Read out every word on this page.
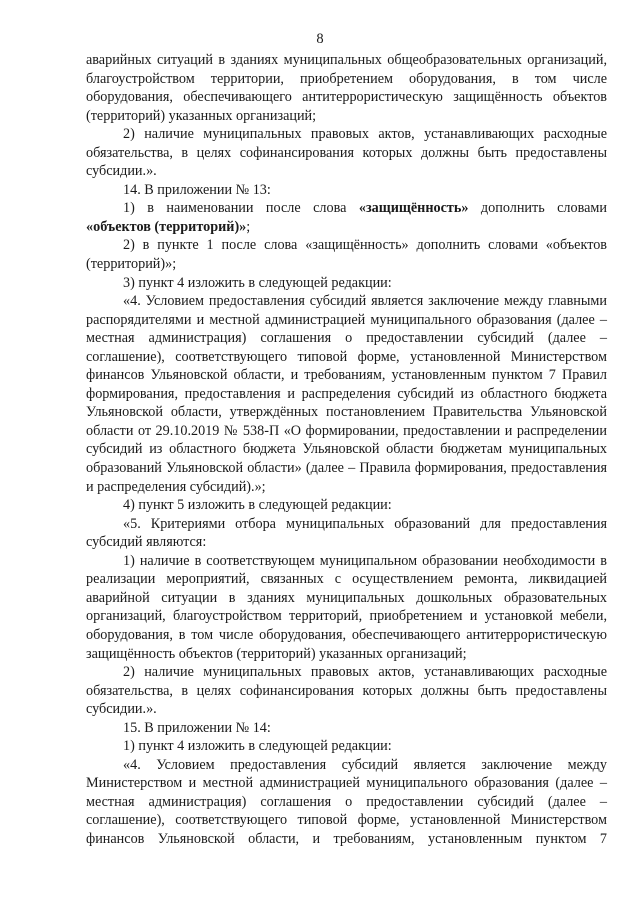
8

аварийных ситуаций в зданиях муниципальных общеобразовательных организаций, благоустройством территории, приобретением оборудования, в том числе оборудования, обеспечивающего антитеррористическую защищённость объектов (территорий) указанных организаций;

2) наличие муниципальных правовых актов, устанавливающих расходные обязательства, в целях софинансирования которых должны быть предоставлены субсидии.».

14. В приложении № 13:

1) в наименовании после слова «защищённость» дополнить словами «объектов (территорий)»;

2) в пункте 1 после слова «защищённость» дополнить словами «объектов (территорий)»;

3) пункт 4 изложить в следующей редакции:

«4. Условием предоставления субсидий является заключение между главными распорядителями и местной администрацией муниципального образования (далее – местная администрация) соглашения о предоставлении субсидий (далее – соглашение), соответствующего типовой форме, установленной Министерством финансов Ульяновской области, и требованиям, установленным пунктом 7 Правил формирования, предоставления и распределения субсидий из областного бюджета Ульяновской области, утверждённых постановлением Правительства Ульяновской области от 29.10.2019 № 538-П «О формировании, предоставлении и распределении субсидий из областного бюджета Ульяновской области бюджетам муниципальных образований Ульяновской области» (далее – Правила формирования, предоставления и распределения субсидий).»;

4) пункт 5 изложить в следующей редакции:

«5. Критериями отбора муниципальных образований для предоставления субсидий являются:

1) наличие в соответствующем муниципальном образовании необходимости в реализации мероприятий, связанных с осуществлением ремонта, ликвидацией аварийной ситуации в зданиях муниципальных дошкольных образовательных организаций, благоустройством территорий, приобретением и установкой мебели, оборудования, в том числе оборудования, обеспечивающего антитеррористическую защищённость объектов (территорий) указанных организаций;

2) наличие муниципальных правовых актов, устанавливающих расходные обязательства, в целях софинансирования которых должны быть предоставлены субсидии.».

15. В приложении № 14:

1) пункт 4 изложить в следующей редакции:

«4. Условием предоставления субсидий является заключение между Министерством и местной администрацией муниципального образования (далее – местная администрация) соглашения о предоставлении субсидий (далее – соглашение), соответствующего типовой форме, установленной Министерством финансов Ульяновской области, и требованиям, установленным пунктом 7
